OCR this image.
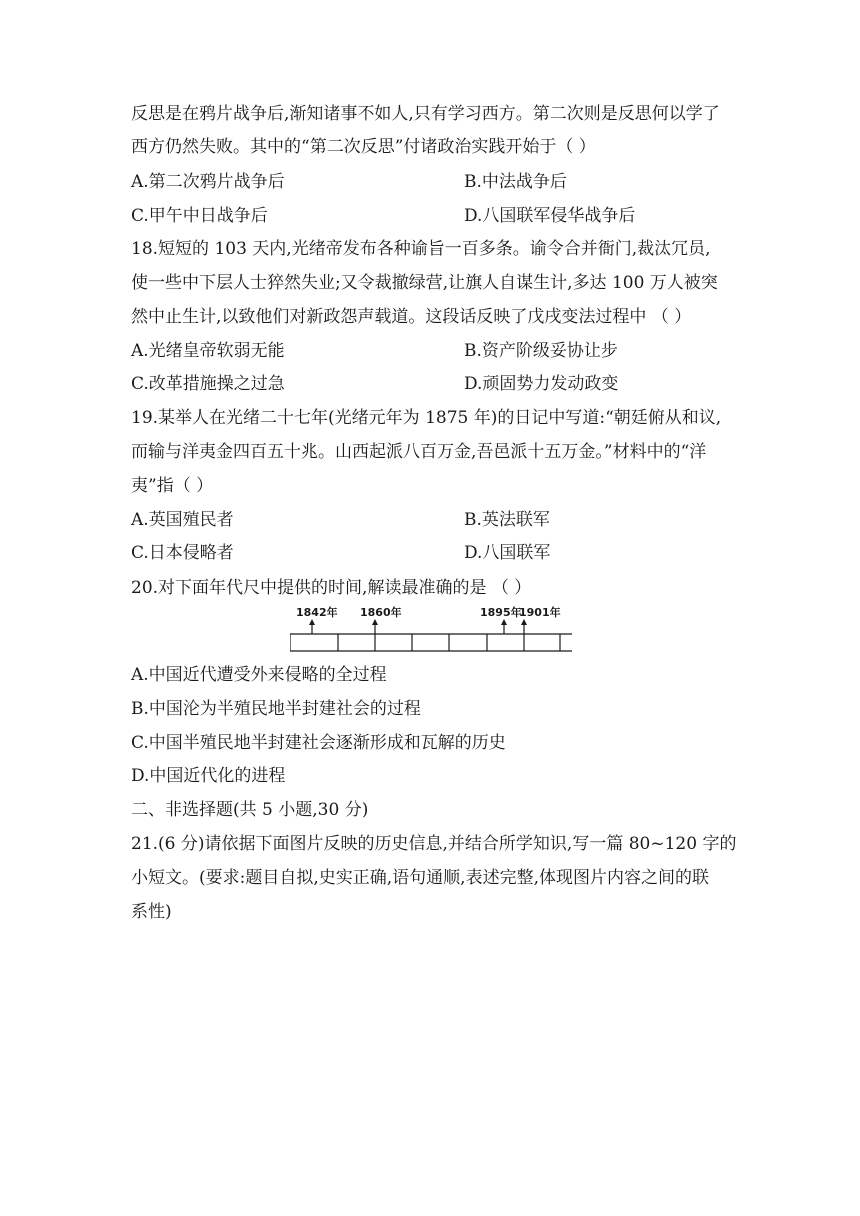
反思是在鸦片战争后,渐知诸事不如人,只有学习西方。第二次则是反思何以学了
西方仍然失败。其中的“第二次反思”付诸政治实践开始于（ ）
A.第二次鸦片战争后	B.中法战争后
C.甲午中日战争后	D.八国联军侵华战争后
18.短短的 103 天内,光绪帝发布各种谕旨一百多条。谕令合并衙门,裁汰冗员,
使一些中下层人士猝然失业;又令裁撤绿营,让旗人自谋生计,多达 100 万人被突
然中止生计,以致他们对新政怨声载道。这段话反映了戊戌变法过程中 （ ）
A.光绪皇帝软弱无能	B.资产阶级妥协让步
C.改革措施操之过急	D.顽固势力发动政变
19.某举人在光绪二十七年(光绪元年为 1875 年)的日记中写道:“朝廷俯从和议,
而输与洋夷金四百五十兆。山西起派八百万金,吾邑派十五万金。”材料中的“洋
夷”指（ ）
A.英国殖民者	B.英法联军
C.日本侵略者	D.八国联军
20.对下面年代尺中提供的时间,解读最准确的是 （ ）
1842年 1860年	1895年
1901年
A.中国近代遭受外来侵略的全过程
B.中国沦为半殖民地半封建社会的过程
C.中国半殖民地半封建社会逐渐形成和瓦解的历史
D.中国近代化的进程
二、非选择题(共 5 小题,30 分)
21.(6 分)请依据下面图片反映的历史信息,并结合所学知识,写一篇 80~120 字的
小短文。(要求:题目自拟,史实正确,语句通顺,表述完整,体现图片内容之间的联
系性)
